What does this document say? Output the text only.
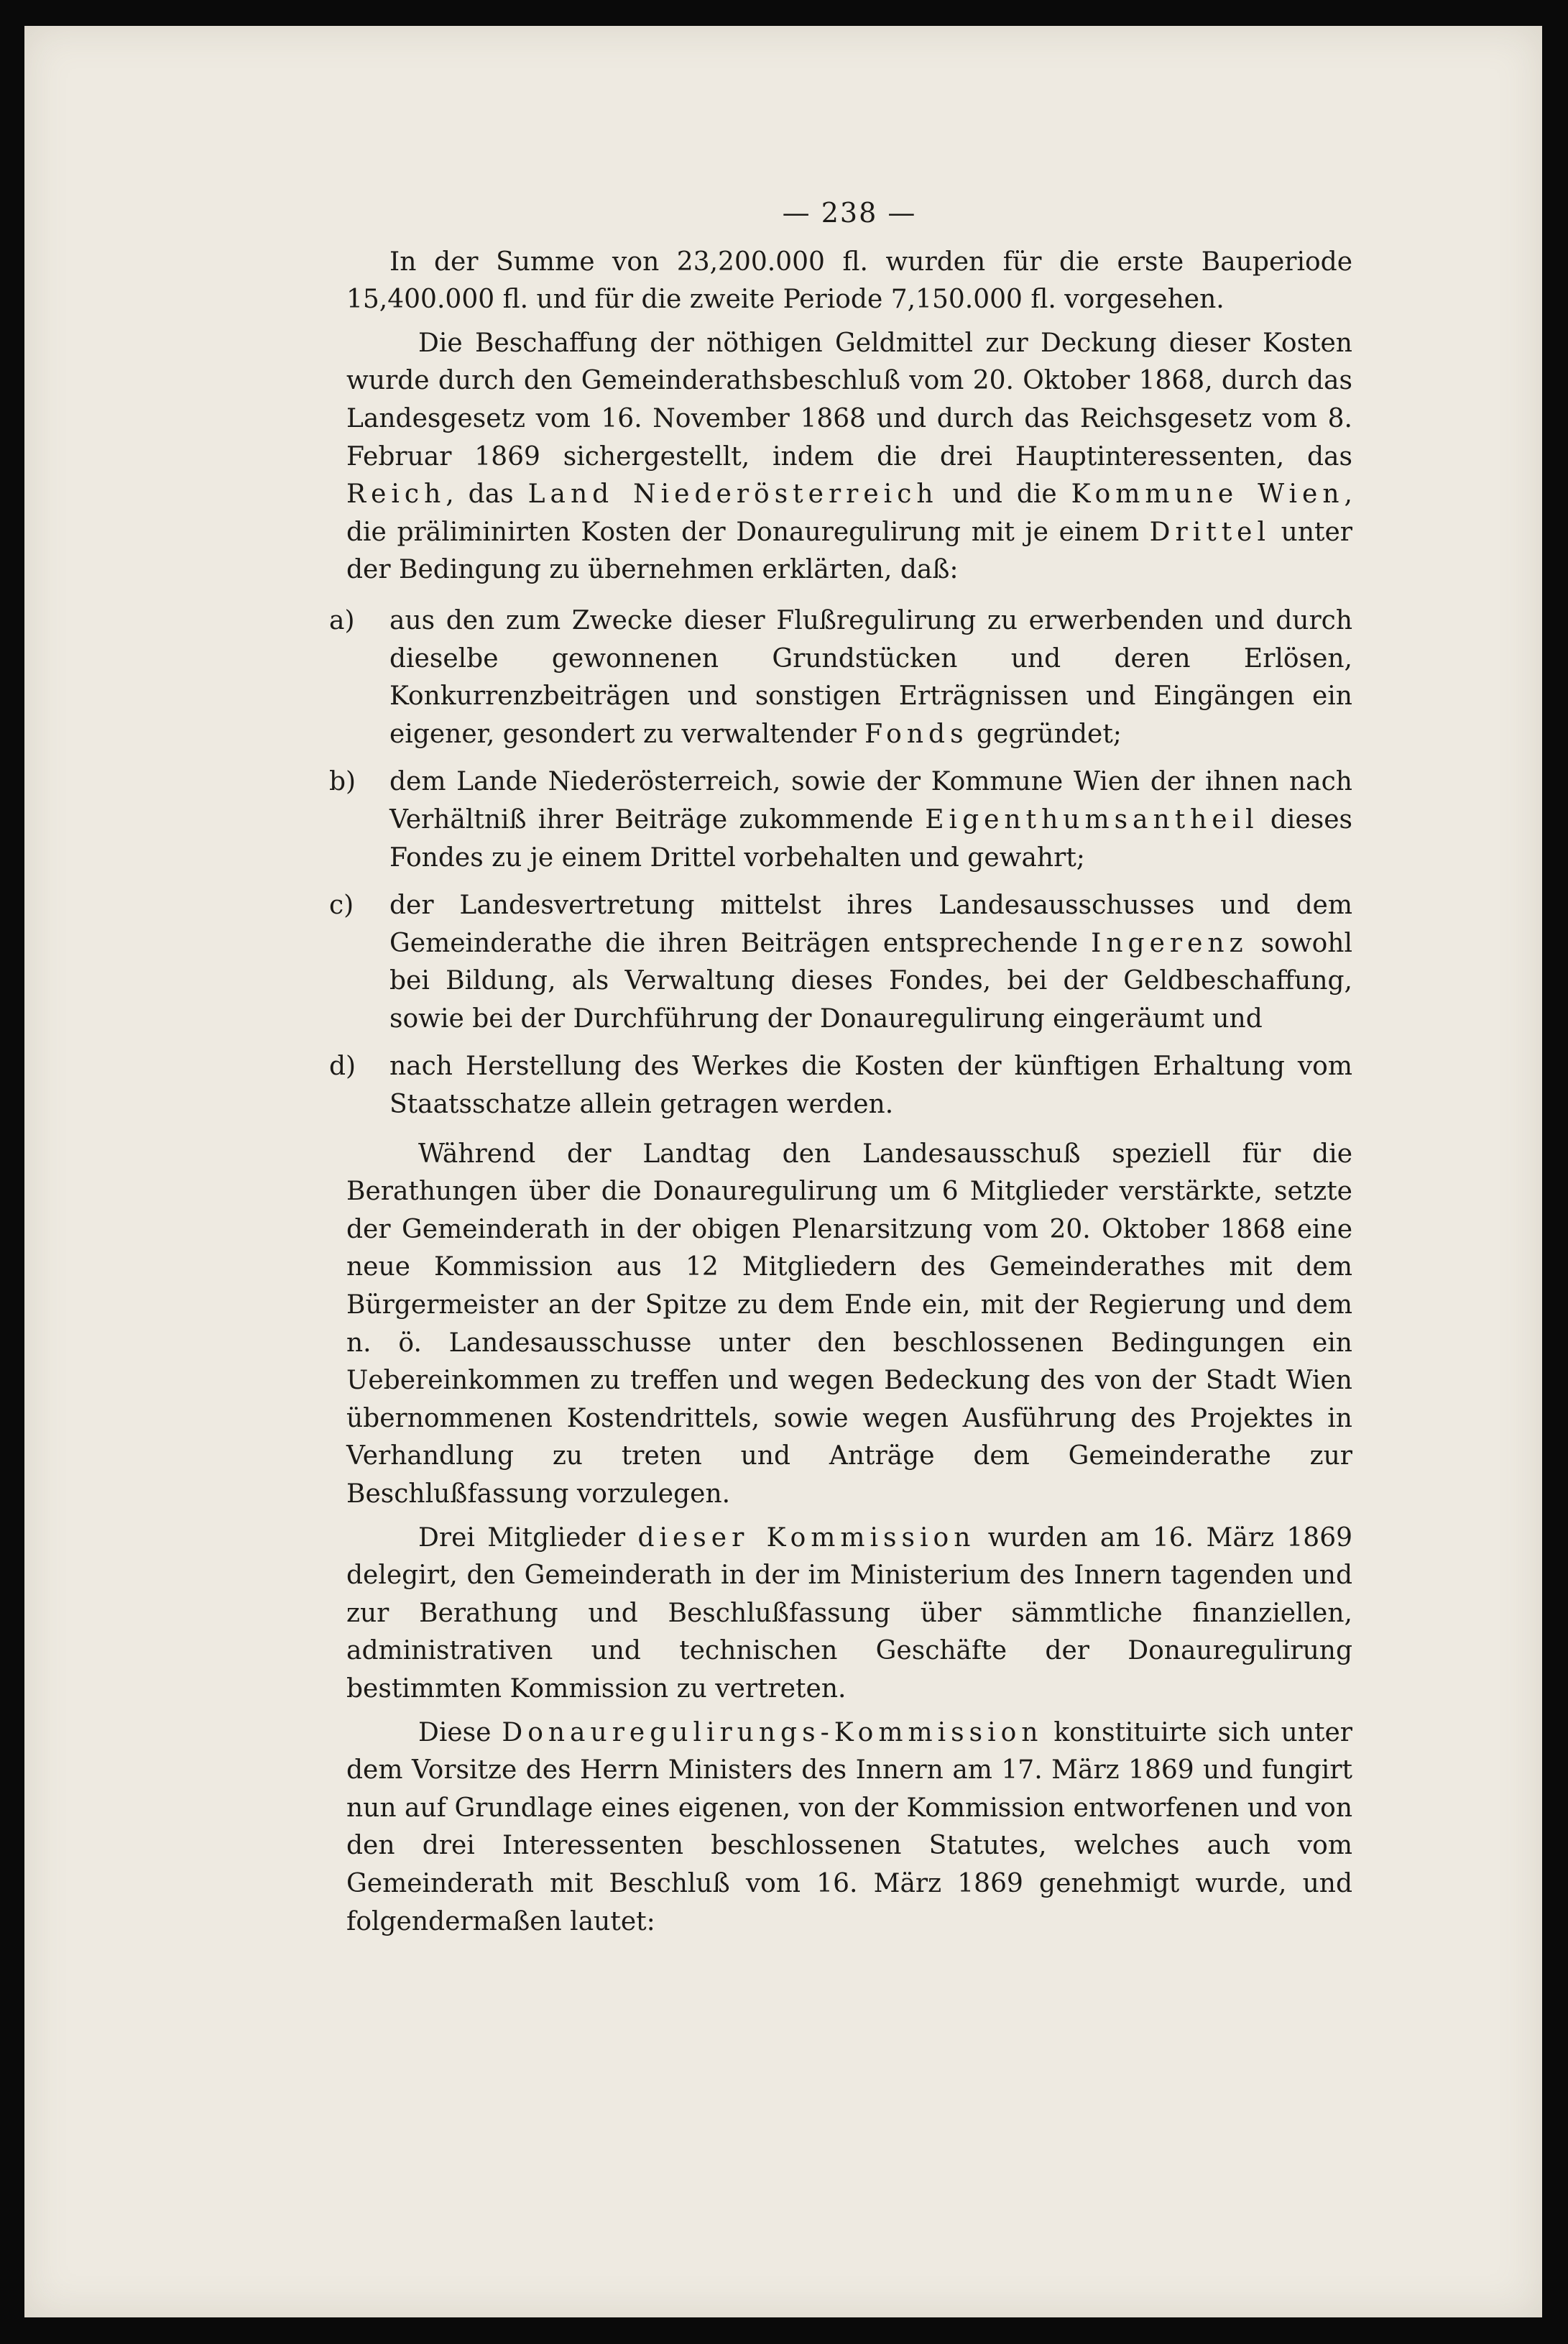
— 238 —

In der Summe von 23,200.000 fl. wurden für die erste Bauperiode 15,400.000 fl. und für die zweite Periode 7,150.000 fl. vorgesehen.

Die Beschaffung der nöthigen Geldmittel zur Deckung dieser Kosten wurde durch den Gemeinderathsbeschluß vom 20. Oktober 1868, durch das Landesgesetz vom 16. November 1868 und durch das Reichsgesetz vom 8. Februar 1869 sichergestellt, indem die drei Hauptinteressenten, das Reich, das Land Niederösterreich und die Kommune Wien, die präliminirten Kosten der Donauregulirung mit je einem Drittel unter der Bedingung zu übernehmen erklärten, daß:

a) aus den zum Zwecke dieser Flußregulirung zu erwerbenden und durch dieselbe gewonnenen Grundstücken und deren Erlösen, Konkurrenzbeiträgen und sonstigen Erträgnissen und Eingängen ein eigener, gesondert zu verwaltender Fonds gegründet;
b) dem Lande Niederösterreich, sowie der Kommune Wien der ihnen nach Verhältniß ihrer Beiträge zukommende Eigenthumsantheil dieses Fondes zu je einem Drittel vorbehalten und gewahrt;
c) der Landesvertretung mittelst ihres Landesausschusses und dem Gemeinderathe die ihren Beiträgen entsprechende Ingerenz sowohl bei Bildung, als Verwaltung dieses Fondes, bei der Geldbeschaffung, sowie bei der Durchführung der Donauregulirung eingeräumt und
d) nach Herstellung des Werkes die Kosten der künftigen Erhaltung vom Staatsschatze allein getragen werden.

Während der Landtag den Landesausschuß speziell für die Berathungen über die Donauregulirung um 6 Mitglieder verstärkte, setzte der Gemeinderath in der obigen Plenarsitzung vom 20. Oktober 1868 eine neue Kommission aus 12 Mitgliedern des Gemeinderathes mit dem Bürgermeister an der Spitze zu dem Ende ein, mit der Regierung und dem n. ö. Landesausschusse unter den beschlossenen Bedingungen ein Uebereinkommen zu treffen und wegen Bedeckung des von der Stadt Wien übernommenen Kostendrittels, sowie wegen Ausführung des Projektes in Verhandlung zu treten und Anträge dem Gemeinderathe zur Beschlußfassung vorzulegen.

Drei Mitglieder dieser Kommission wurden am 16. März 1869 delegirt, den Gemeinderath in der im Ministerium des Innern tagenden und zur Berathung und Beschlußfassung über sämmtliche finanziellen, administrativen und technischen Geschäfte der Donauregulirung bestimmten Kommission zu vertreten.

Diese Donauregulirungs-Kommission konstituirte sich unter dem Vorsitze des Herrn Ministers des Innern am 17. März 1869 und fungirt nun auf Grundlage eines eigenen, von der Kommission entworfenen und von den drei Interessenten beschlossenen Statutes, welches auch vom Gemeinderath mit Beschluß vom 16. März 1869 genehmigt wurde, und folgendermaßen lautet:
